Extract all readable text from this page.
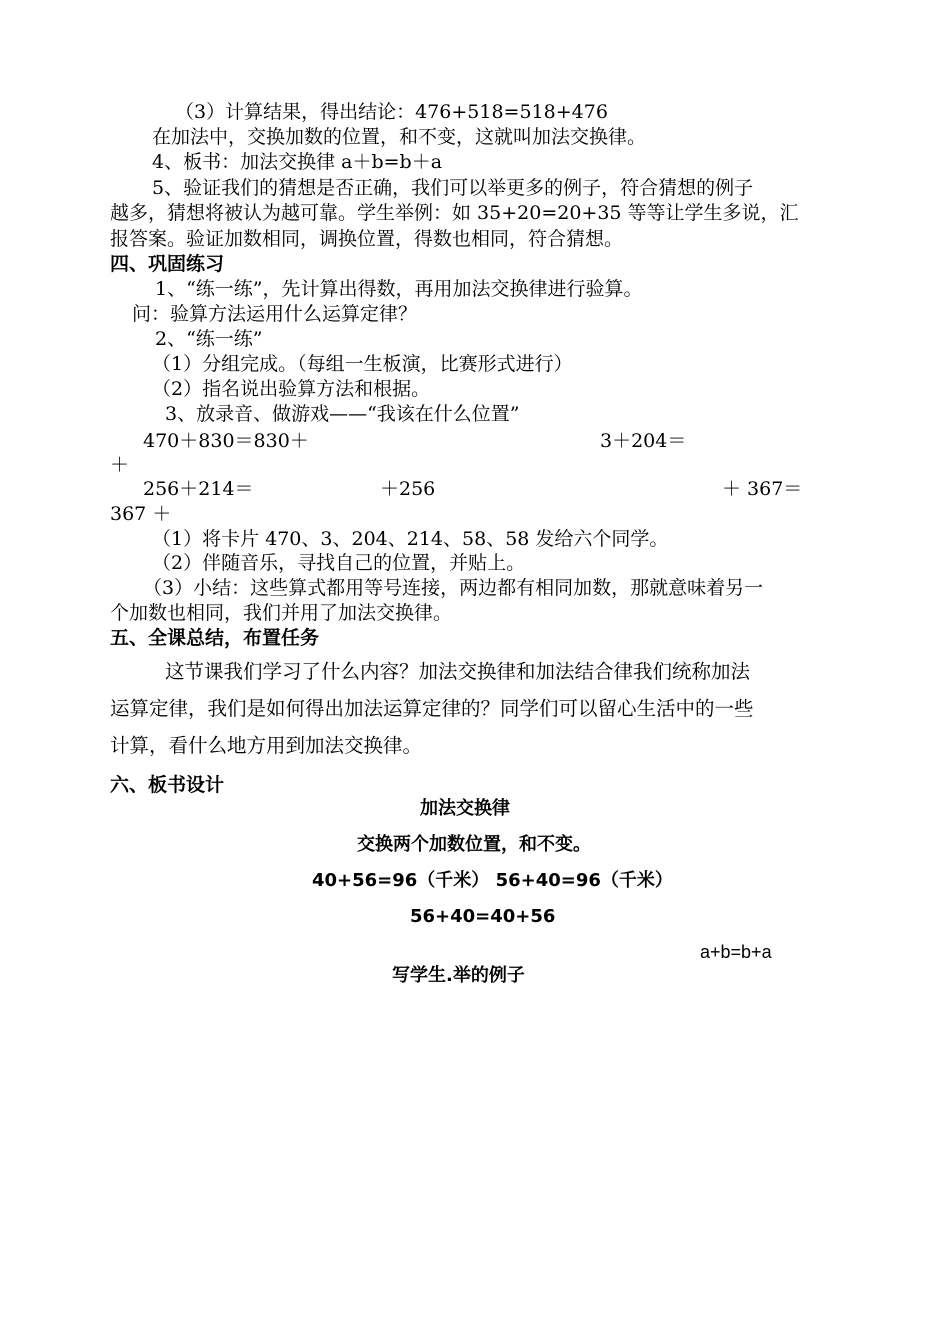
（3）计算结果，得出结论：476+518=518+476
在加法中，交换加数的位置，和不变，这就叫加法交换律。
4、板书：加法交换律 a＋b=b＋a
5、验证我们的猜想是否正确，我们可以举更多的例子，符合猜想的例子
越多，猜想将被认为越可靠。学生举例：如 35+20=20+35 等等让学生多说，汇
报答案。验证加数相同，调换位置，得数也相同，符合猜想。
四、巩固练习
1、“练一练”，先计算出得数，再用加法交换律进行验算。
问：验算方法运用什么运算定律？
2、“练一练”
（1）分组完成。（每组一生板演，比赛形式进行）
（2）指名说出验算方法和根据。
3、放录音、做游戏——“我该在什么位置”
470＋830＝830＋	3＋204＝
＋
256＋214＝	＋256	＋ 367＝
367 ＋
（1）将卡片 470、3、204、214、58、58 发给六个同学。
（2）伴随音乐，寻找自己的位置，并贴上。
（3）小结：这些算式都用等号连接，两边都有相同加数，那就意味着另一
个加数也相同，我们并用了加法交换律。
五、全课总结，布置任务
这节课我们学习了什么内容？加法交换律和加法结合律我们统称加法
运算定律，我们是如何得出加法运算定律的？同学们可以留心生活中的一些
计算，看什么地方用到加法交换律。
六、板书设计
加法交换律
交换两个加数位置，和不变。
40+56=96（千米） 56+40=96（千米）
56+40=40+56
a+b=b+a
写学生.举的例子
